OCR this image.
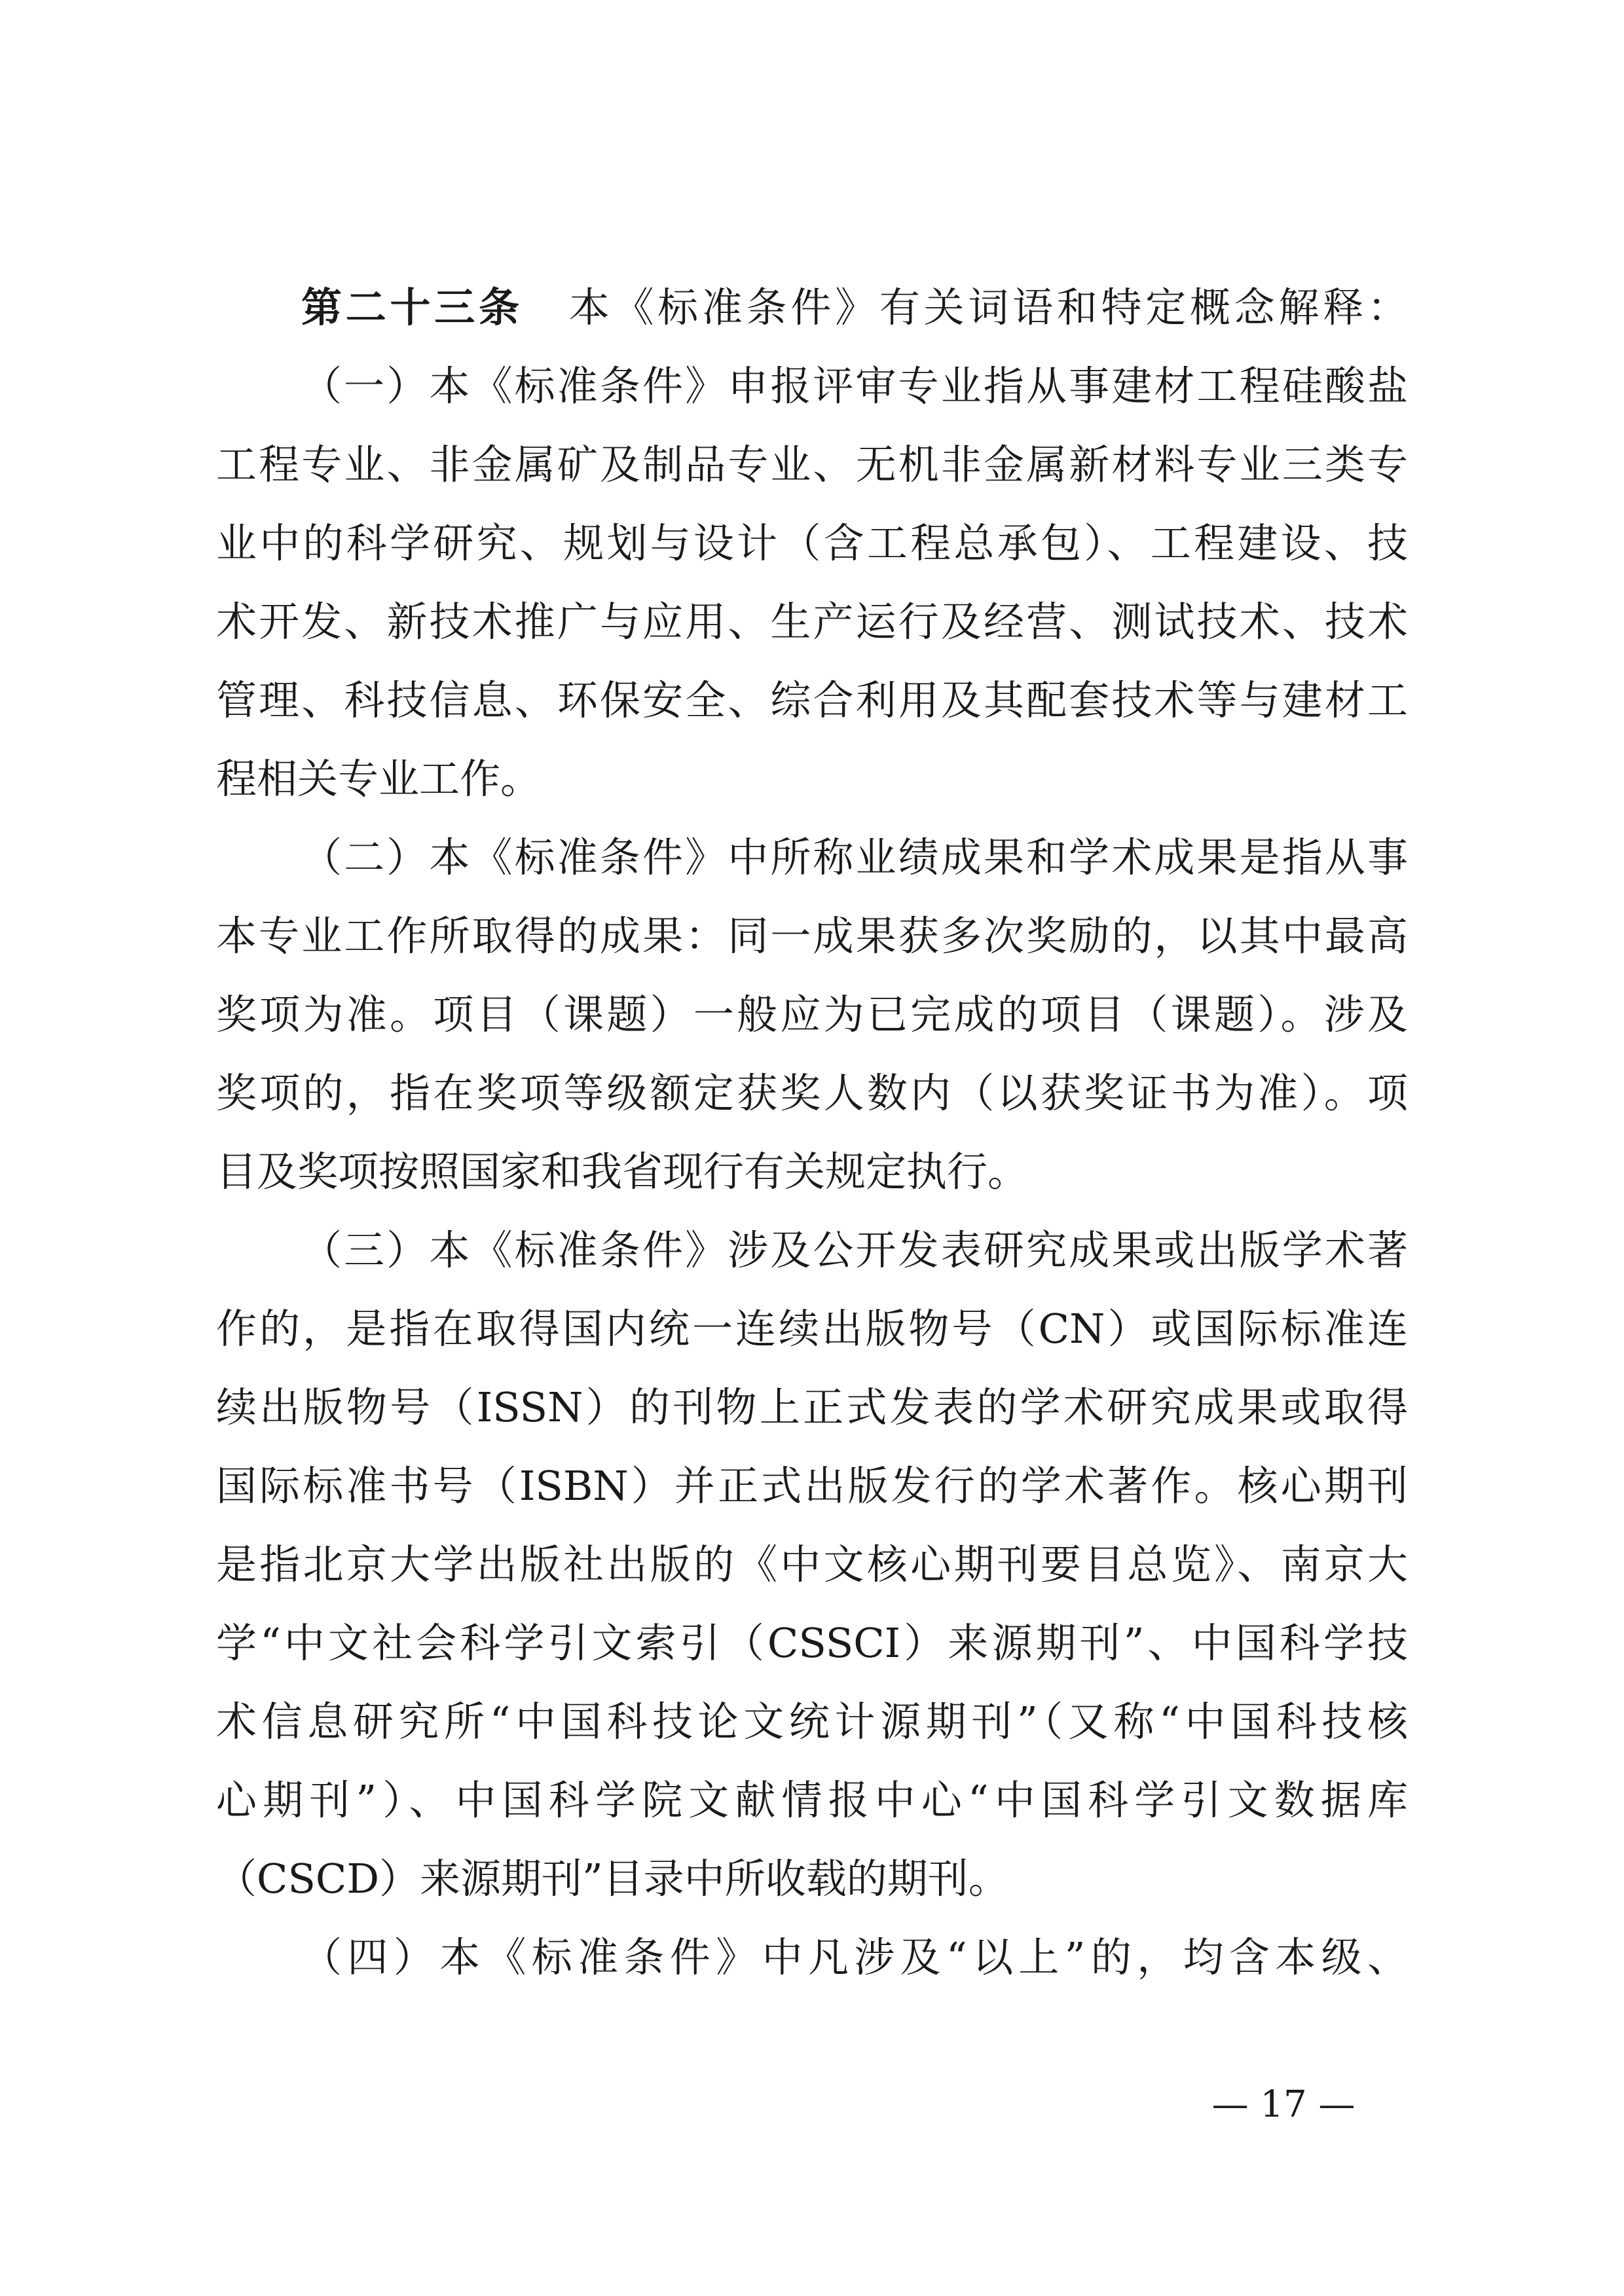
第二十三条 本《标准条件》有关词语和特定概念解释：
（一）本《标准条件》申报评审专业指从事建材工程硅酸盐
工程专业、非金属矿及制品专业、无机非金属新材料专业三类专
业中的科学研究、规划与设计（含工程总承包）、工程建设、技
术开发、新技术推广与应用、生产运行及经营、测试技术、技术
管理、科技信息、环保安全、综合利用及其配套技术等与建材工
程相关专业工作。
（二）本《标准条件》中所称业绩成果和学术成果是指从事
本专业工作所取得的成果：同一成果获多次奖励的，以其中最高
奖项为准。项目（课题）一般应为已完成的项目（课题）。涉及
奖项的，指在奖项等级额定获奖人数内（以获奖证书为准）。项
目及奖项按照国家和我省现行有关规定执行。
（三）本《标准条件》涉及公开发表研究成果或出版学术著
作的，是指在取得国内统一连续出版物号（CN）或国际标准连
续出版物号（ISSN）的刊物上正式发表的学术研究成果或取得
国际标准书号（ISBN）并正式出版发行的学术著作。核心期刊
是指北京大学出版社出版的《中文核心期刊要目总览》、南京大
学“中文社会科学引文索引（CSSCI）来源期刊”、中国科学技
术信息研究所“中国科技论文统计源期刊”（又称“中国科技核
心期刊”）、中国科学院文献情报中心“中国科学引文数据库
（CSCD）来源期刊”目录中所收载的期刊。
（四）本《标准条件》中凡涉及“以上”的，均含本级、
— 17 —
